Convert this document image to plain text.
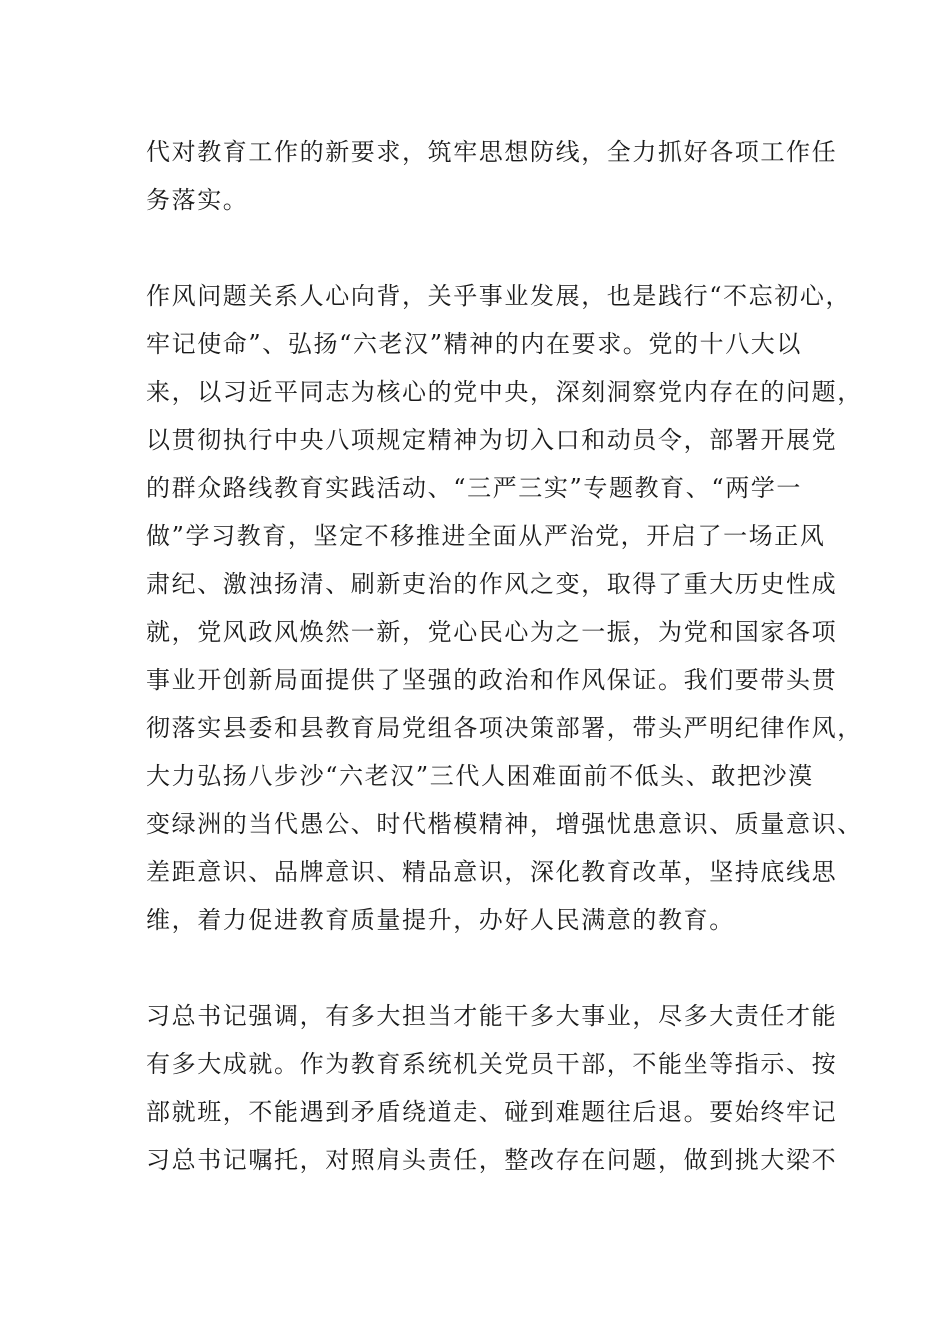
代对教育工作的新要求，筑牢思想防线，全力抓好各项工作任
务落实。
作风问题关系人心向背，关乎事业发展，也是践行“不忘初心，
牢记使命”、弘扬“六老汉”精神的内在要求。党的十八大以
来，以习近平同志为核心的党中央，深刻洞察党内存在的问题，
以贯彻执行中央八项规定精神为切入口和动员令，部署开展党
的群众路线教育实践活动、“三严三实”专题教育、“两学一
做”学习教育，坚定不移推进全面从严治党，开启了一场正风
肃纪、激浊扬清、刷新吏治的作风之变，取得了重大历史性成
就，党风政风焕然一新，党心民心为之一振，为党和国家各项
事业开创新局面提供了坚强的政治和作风保证。我们要带头贯
彻落实县委和县教育局党组各项决策部署，带头严明纪律作风，
大力弘扬八步沙“六老汉”三代人困难面前不低头、敢把沙漠
变绿洲的当代愚公、时代楷模精神，增强忧患意识、质量意识、
差距意识、品牌意识、精品意识，深化教育改革，坚持底线思
维，着力促进教育质量提升，办好人民满意的教育。
习总书记强调，有多大担当才能干多大事业，尽多大责任才能
有多大成就。作为教育系统机关党员干部，不能坐等指示、按
部就班，不能遇到矛盾绕道走、碰到难题往后退。要始终牢记
习总书记嘱托，对照肩头责任，整改存在问题，做到挑大梁不
